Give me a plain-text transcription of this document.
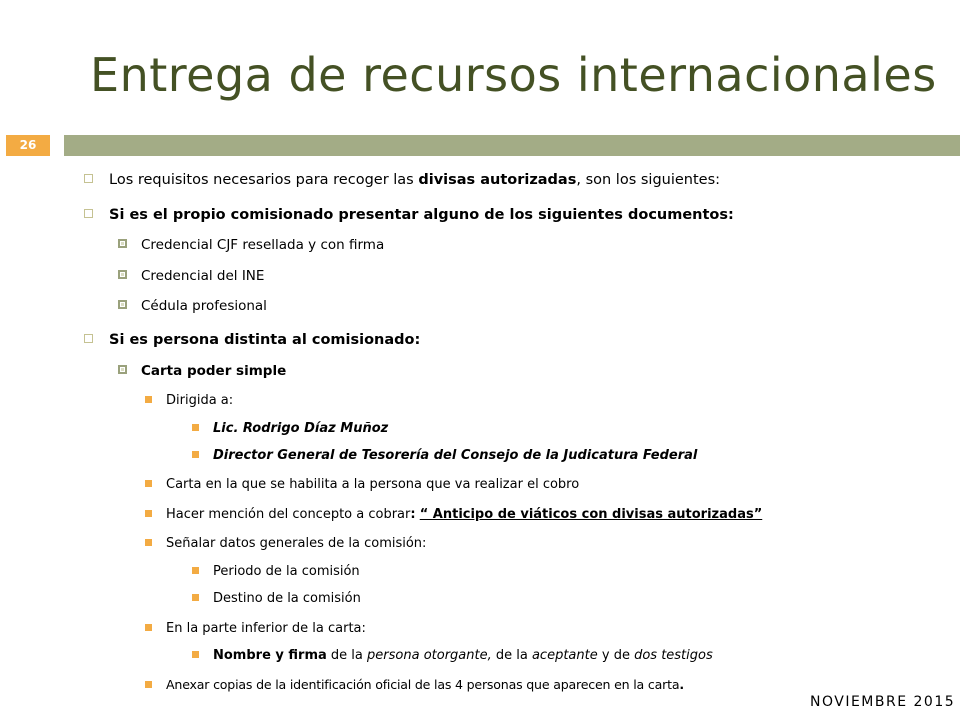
Entrega de recursos internacionales
26
Los requisitos necesarios para recoger las divisas autorizadas, son los siguientes:
Si es el propio comisionado presentar alguno de los siguientes documentos:
Credencial CJF resellada y con firma
Credencial del INE
Cédula profesional
Si es persona distinta al comisionado:
Carta poder simple
Dirigida a:
Lic. Rodrigo Díaz Muñoz
Director General de Tesorería del Consejo de la Judicatura Federal
Carta en la que se habilita a la persona que va realizar el cobro
Hacer mención del concepto a cobrar: “ Anticipo de viáticos con divisas autorizadas”
Señalar datos generales de la comisión:
Periodo de la comisión
Destino de la comisión
En la parte inferior de la carta:
Nombre y firma de la persona otorgante, de la aceptante y de dos testigos
Anexar copias de la identificación oficial de las 4 personas que aparecen en la carta.
NOVIEMBRE 2015
